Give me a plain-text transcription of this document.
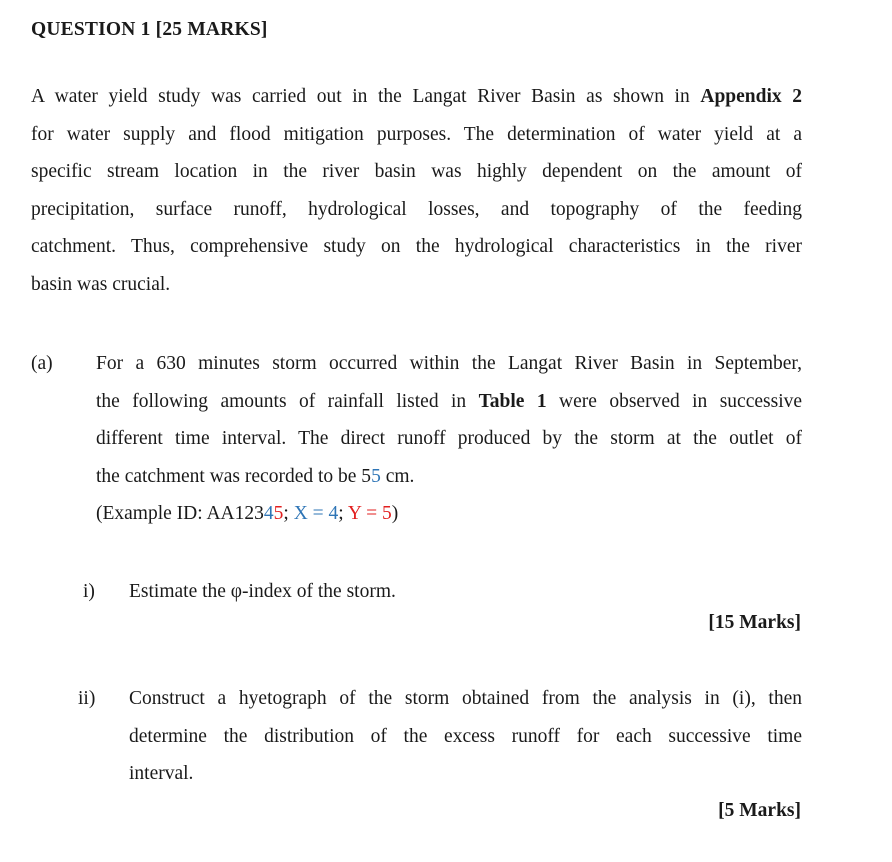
QUESTION 1 [25 MARKS]
A water yield study was carried out in the Langat River Basin as shown in Appendix 2
for water supply and flood mitigation purposes. The determination of water yield at a
specific stream location in the river basin was highly dependent on the amount of
precipitation, surface runoff, hydrological losses, and topography of the feeding
catchment. Thus, comprehensive study on the hydrological characteristics in the river
basin was crucial.
(a) For a 630 minutes storm occurred within the Langat River Basin in September,
the following amounts of rainfall listed in Table 1 were observed in successive
different time interval. The direct runoff produced by the storm at the outlet of
the catchment was recorded to be 55 cm.
(Example ID: AA12345; X = 4; Y = 5)
i) Estimate the φ-index of the storm.
[15 Marks]
ii) Construct a hyetograph of the storm obtained from the analysis in (i), then
determine the distribution of the excess runoff for each successive time
interval.
[5 Marks]
